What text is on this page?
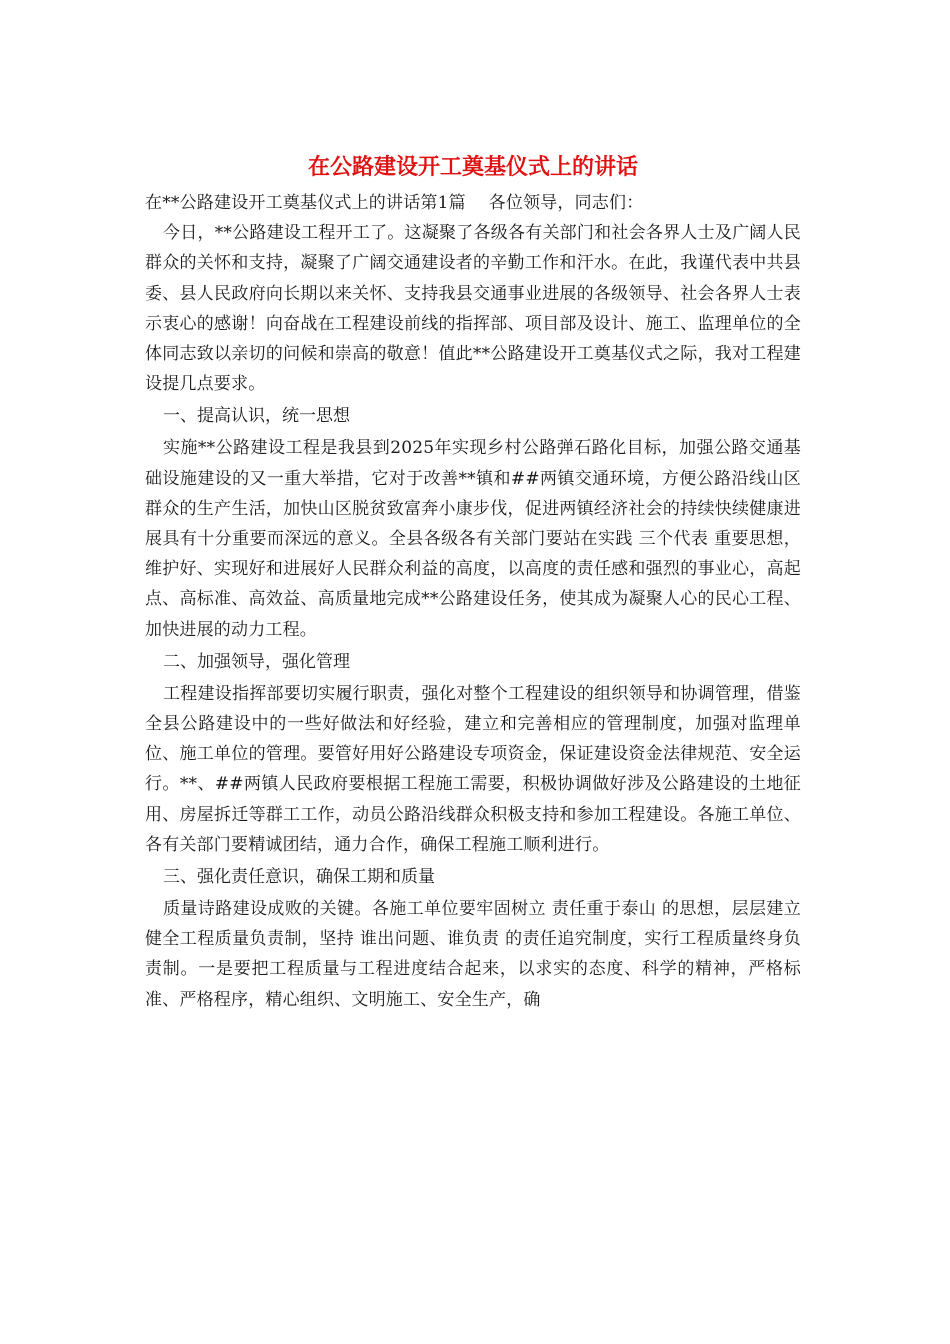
在公路建设开工奠基仪式上的讲话

在**公路建设开工奠基仪式上的讲话第1篇　 各位领导，同志们：

今日，**公路建设工程开工了。这凝聚了各级各有关部门和社会各界人士及广阔人民群众的关怀和支持，凝聚了广阔交通建设者的辛勤工作和汗水。在此，我谨代表中共县委、县人民政府向长期以来关怀、支持我县交通事业进展的各级领导、社会各界人士表示衷心的感谢！向奋战在工程建设前线的指挥部、项目部及设计、施工、监理单位的全体同志致以亲切的问候和崇高的敬意！值此**公路建设开工奠基仪式之际，我对工程建设提几点要求。

一、提高认识，统一思想

实施**公路建设工程是我县到2025年实现乡村公路弹石路化目标，加强公路交通基础设施建设的又一重大举措，它对于改善**镇和##两镇交通环境，方便公路沿线山区群众的生产生活，加快山区脱贫致富奔小康步伐，促进两镇经济社会的持续快续健康进展具有十分重要而深远的意义。全县各级各有关部门要站在实践 三个代表 重要思想，维护好、实现好和进展好人民群众利益的高度，以高度的责任感和强烈的事业心，高起点、高标准、高效益、高质量地完成**公路建设任务，使其成为凝聚人心的民心工程、加快进展的动力工程。

二、加强领导，强化管理

工程建设指挥部要切实履行职责，强化对整个工程建设的组织领导和协调管理，借鉴全县公路建设中的一些好做法和好经验，建立和完善相应的管理制度，加强对监理单位、施工单位的管理。要管好用好公路建设专项资金，保证建设资金法律规范、安全运行。**、##两镇人民政府要根据工程施工需要，积极协调做好涉及公路建设的土地征用、房屋拆迁等群工工作，动员公路沿线群众积极支持和参加工程建设。各施工单位、各有关部门要精诚团结，通力合作，确保工程施工顺利进行。

三、强化责任意识，确保工期和质量

质量诗路建设成败的关键。各施工单位要牢固树立 责任重于泰山 的思想，层层建立健全工程质量负责制，坚持 谁出问题、谁负责 的责任追究制度，实行工程质量终身负责制。一是要把工程质量与工程进度结合起来，以求实的态度、科学的精神，严格标准、严格程序，精心组织、文明施工、安全生产，确
